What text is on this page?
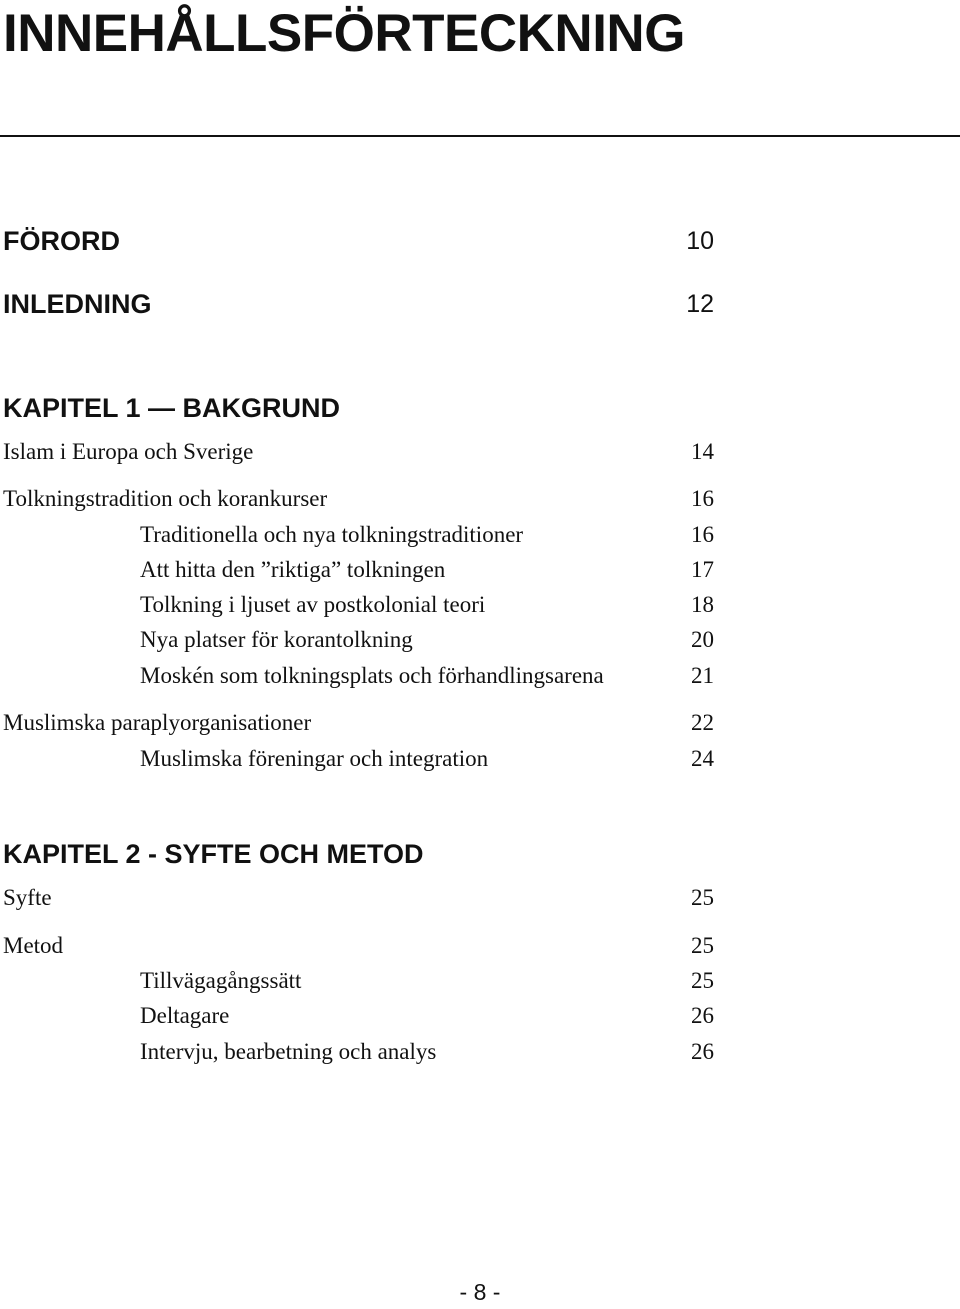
INNEHÅLLSFÖRTECKNING
FÖRORD	10
INLEDNING	12
KAPITEL 1 — BAKGRUND
Islam i Europa och Sverige	14
Tolkningstradition och korankurser	16
Traditionella och nya tolkningstraditioner	16
Att hitta den ”riktiga” tolkningen	17
Tolkning i ljuset av postkolonial teori	18
Nya platser för korantolkning	20
Moskén som tolkningsplats och förhandlingsarena	21
Muslimska paraplyorganisationer	22
Muslimska föreningar och integration	24
KAPITEL 2 - SYFTE OCH METOD
Syfte	25
Metod	25
Tillvägagångssätt	25
Deltagare	26
Intervju, bearbetning och analys	26
- 8 -
